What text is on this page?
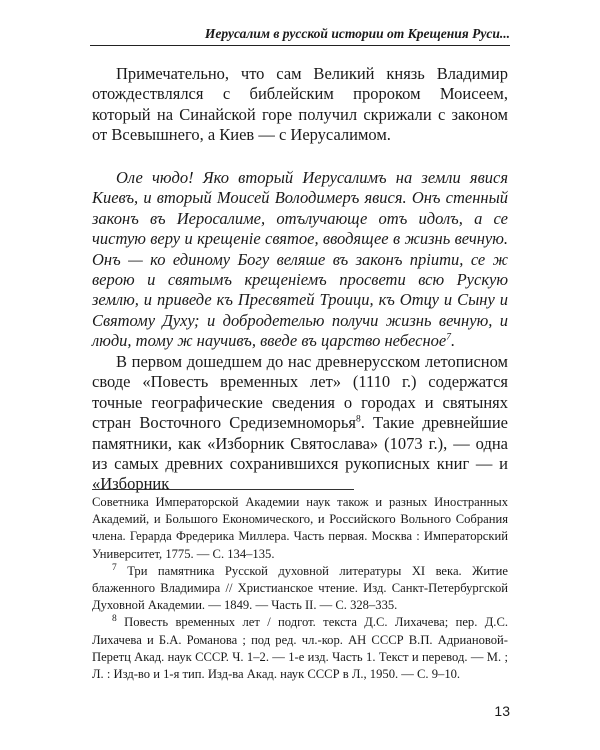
Иерусалим в русской истории от Крещения Руси...

Примечательно, что сам Великий князь Владимир отождествлялся с библейским пророком Моисеем, который на Синайской горе получил скрижали с законом от Всевышнего, а Киев — с Иерусалимом.

Оле чюдо! Яко вторый Иерусалимъ на земли явися Киевъ, и вторый Моисей Володимеръ явися. Онъ стенный законъ въ Иеросалиме, отълучающе отъ идолъ, а се чистую веру и крещеніе святое, вводящее в жизнь вечную. Онъ — ко единому Богу веляше въ законъ пріити, се ж верою и святымъ крещеніемъ просвети всю Рускую землю, и приведе къ Пресвятей Троици, къ Отцу и Сыну и Святому Духу; и добродетелью получи жизнь вечную, и люди, тому ж научивъ, введе въ царство небесное$^7$.

В первом дошедшем до нас древнерусском летописном своде «Повесть временных лет» (1110 г.) содержатся точные географические сведения о городах и святынях стран Восточного Средиземноморья$^8$. Такие древнейшие памятники, как «Изборник Святослава» (1073 г.), — одна из самых древних сохранившихся рукописных книг — и «Изборник

Советника Императорской Академии наук також и разных Иностранных Академий, и Большого Економического, и Российского Вольного Собрания члена. Герарда Фредерика Миллера. Часть первая. Москва : Императорский Университет, 1775. — С. 134–135.

$^7$ Три памятника Русской духовной литературы XI века. Житие блаженного Владимира // Христианское чтение. Изд. Санкт-Петербургской Духовной Академии. — 1849. — Часть II. — С. 328–335.

$^8$ Повесть временных лет / подгот. текста Д.С. Лихачева; пер. Д.С. Лихачева и Б.А. Романова ; под ред. чл.-кор. АН СССР В.П. Адриановой-Перетц Акад. наук СССР. Ч. 1–2. — 1-е изд. Часть 1. Текст и перевод. — М. ; Л. : Изд-во и 1-я тип. Изд-ва Акад. наук СССР в Л., 1950. — С. 9–10.

13
